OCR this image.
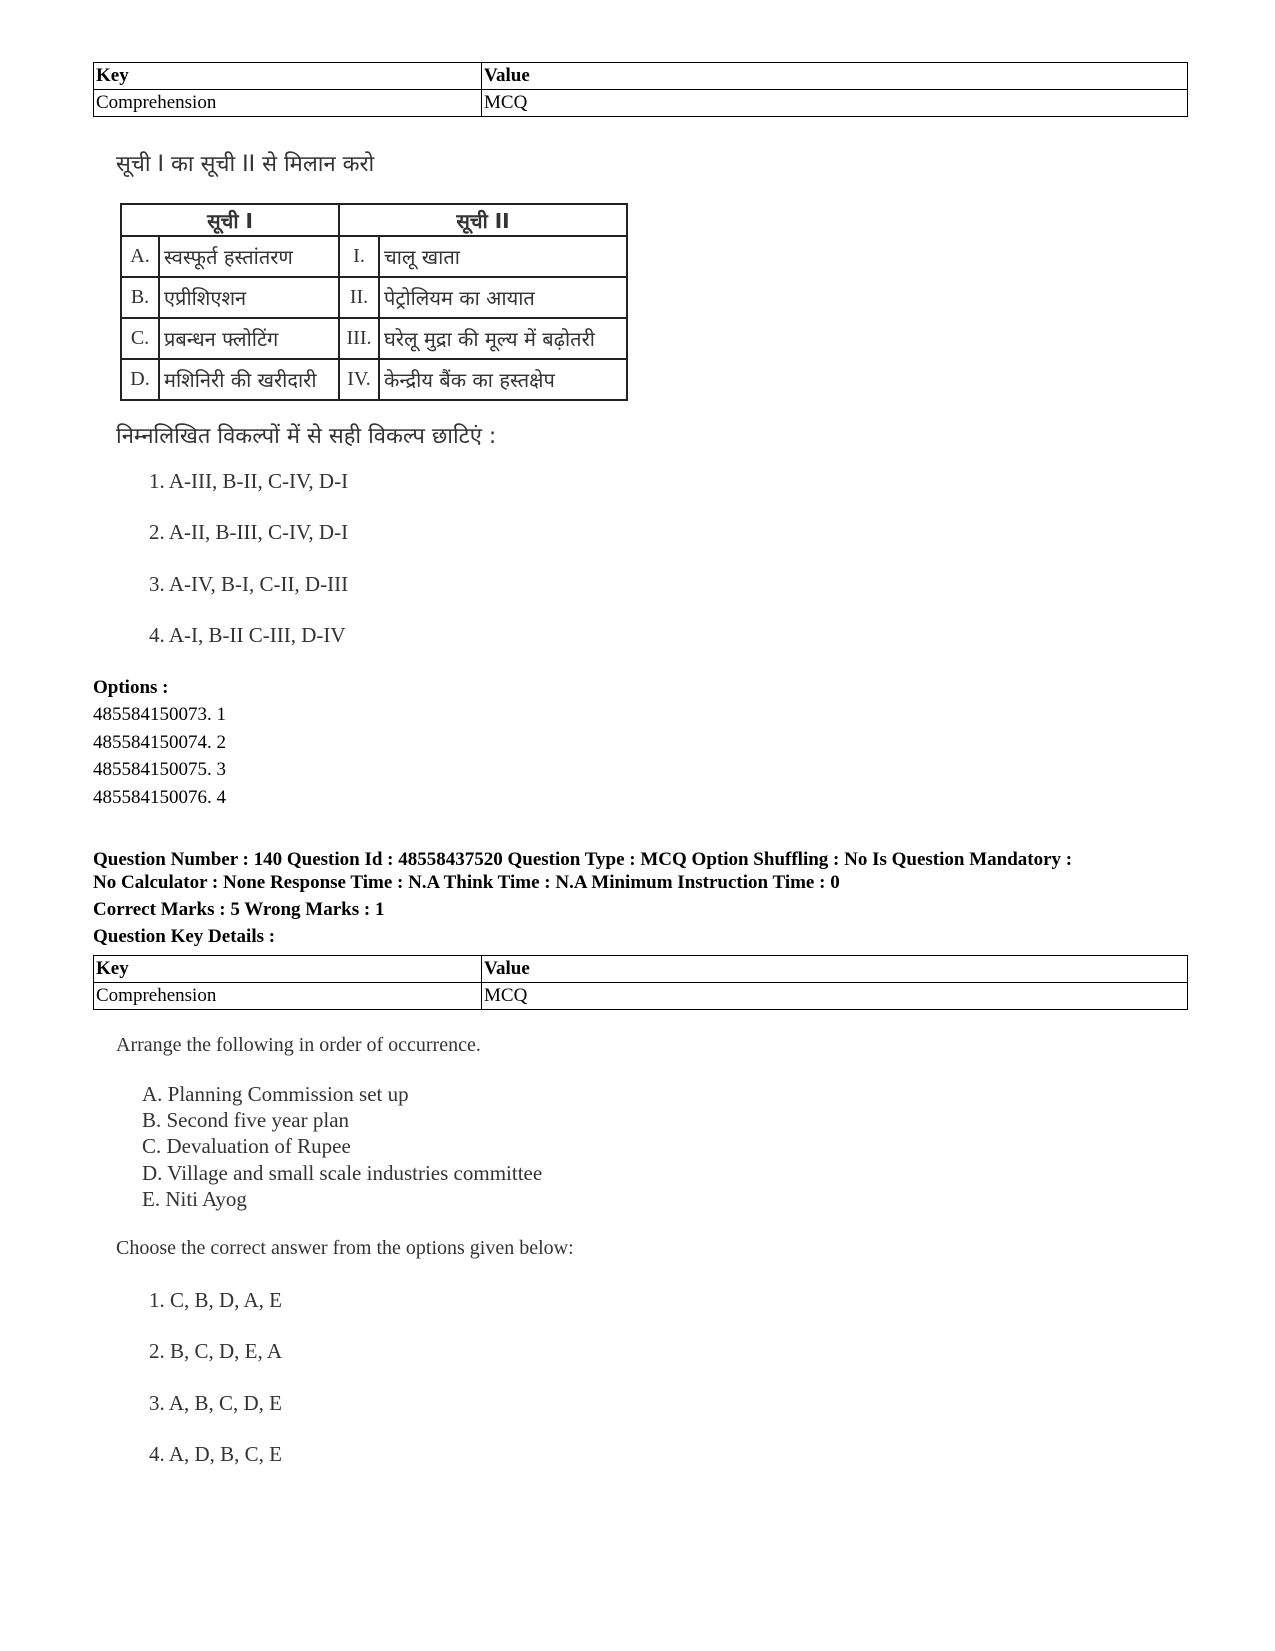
Key	Value
Comprehension	MCQ
सूची I का सूची II से मिलान करो
सूची I		सूची II	
A.	स्वस्फूर्त हस्तांतरण	I.	चालू खाता
B.	एप्रीशिएशन	II.	पेट्रोलियम का आयात
C.	प्रबन्धन फ्लोटिंग	III.	घरेलू मुद्रा की मूल्य में बढ़ोतरी
D.	मशिनिरी की खरीदारी	IV.	केन्द्रीय बैंक का हस्तक्षेप
निम्नलिखित विकल्पों में से सही विकल्प छाटिएं :
1. A-III, B-II, C-IV, D-I
2. A-II, B-III, C-IV, D-I
3. A-IV, B-I, C-II, D-III
4. A-I, B-II C-III, D-IV
Options :
485584150073. 1
485584150074. 2
485584150075. 3
485584150076. 4
Question Number : 140 Question Id : 48558437520 Question Type : MCQ Option Shuffling : No Is Question Mandatory :
No Calculator : None Response Time : N.A Think Time : N.A Minimum Instruction Time : 0
Correct Marks : 5 Wrong Marks : 1
Question Key Details :
Key	Value
Comprehension	MCQ
Arrange the following in order of occurrence.
A. Planning Commission set up
B. Second five year plan
C. Devaluation of Rupee
D. Village and small scale industries committee
E. Niti Ayog
Choose the correct answer from the options given below:
1. C, B, D, A, E
2. B, C, D, E, A
3. A, B, C, D, E
4. A, D, B, C, E
